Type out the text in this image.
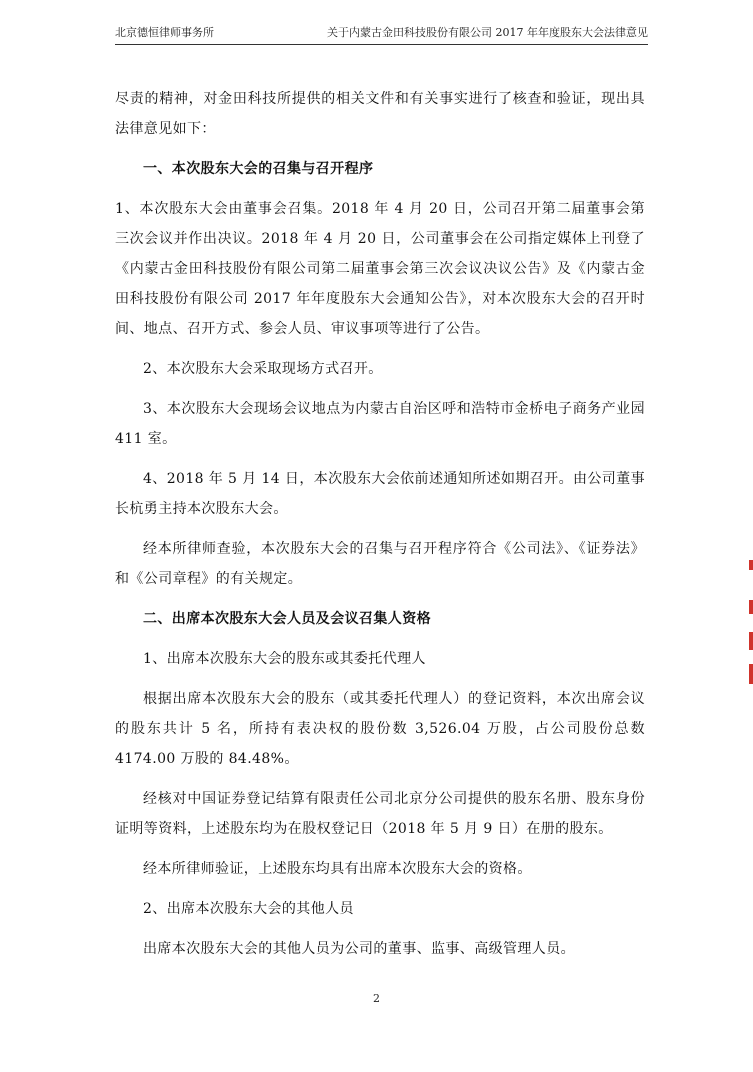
北京德恒律师事务所	关于内蒙古金田科技股份有限公司 2017 年年度股东大会法律意见

尽责的精神，对金田科技所提供的相关文件和有关事实进行了核查和验证，现出具法律意见如下：

一、本次股东大会的召集与召开程序

1、本次股东大会由董事会召集。2018 年 4 月 20 日，公司召开第二届董事会第三次会议并作出决议。2018 年 4 月 20 日，公司董事会在公司指定媒体上刊登了《内蒙古金田科技股份有限公司第二届董事会第三次会议决议公告》及《内蒙古金田科技股份有限公司 2017 年年度股东大会通知公告》，对本次股东大会的召开时间、地点、召开方式、参会人员、审议事项等进行了公告。

2、本次股东大会采取现场方式召开。

3、本次股东大会现场会议地点为内蒙古自治区呼和浩特市金桥电子商务产业园 411 室。

4、2018 年 5 月 14 日，本次股东大会依前述通知所述如期召开。由公司董事长杭勇主持本次股东大会。

经本所律师查验，本次股东大会的召集与召开程序符合《公司法》、《证券法》和《公司章程》的有关规定。

二、出席本次股东大会人员及会议召集人资格

1、出席本次股东大会的股东或其委托代理人

根据出席本次股东大会的股东（或其委托代理人）的登记资料，本次出席会议的股东共计 5 名，所持有表决权的股份数 3,526.04 万股，占公司股份总数 4174.00 万股的 84.48%。

经核对中国证券登记结算有限责任公司北京分公司提供的股东名册、股东身份证明等资料，上述股东均为在股权登记日（2018 年 5 月 9 日）在册的股东。

经本所律师验证，上述股东均具有出席本次股东大会的资格。

2、出席本次股东大会的其他人员

出席本次股东大会的其他人员为公司的董事、监事、高级管理人员。

2
